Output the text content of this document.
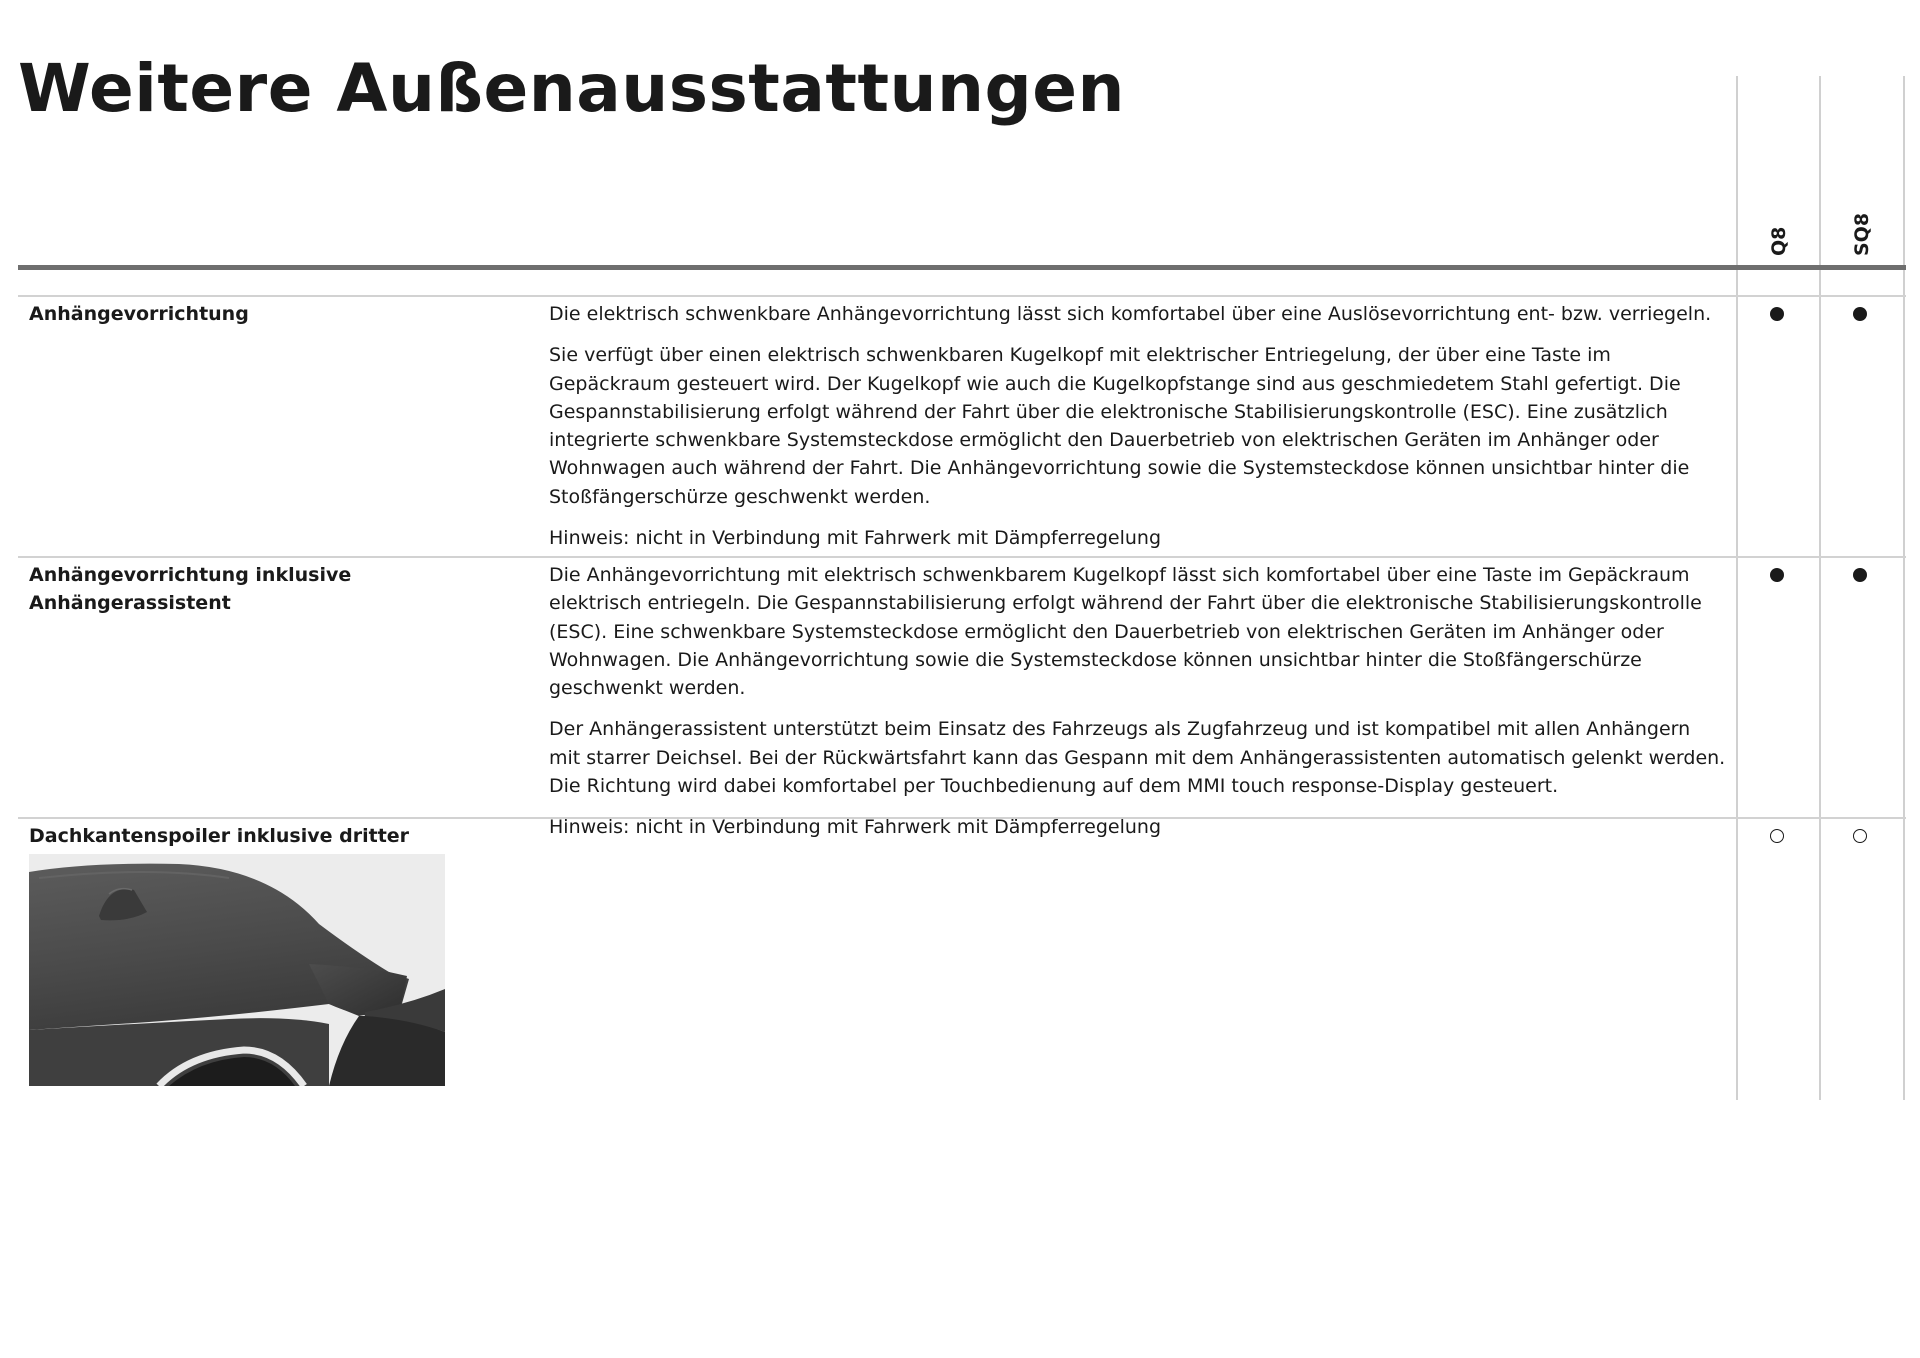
Weitere Außenausstattungen
Q8	SQ8
Anhängevorrichtung	Die elektrisch schwenkbare Anhängevorrichtung lässt sich komfortabel über eine Auslösevorrichtung ent- bzw. verriegeln.

Sie verfügt über einen elektrisch schwenkbaren Kugelkopf mit elektrischer Entriegelung, der über eine Taste im Gepäckraum gesteuert wird. Der Kugelkopf wie auch die Kugelkopfstange sind aus geschmiedetem Stahl gefertigt. Die Gespannstabilisierung erfolgt während der Fahrt über die elektronische Stabilisierungskontrolle (ESC). Eine zusätzlich integrierte schwenkbare Systemsteckdose ermöglicht den Dauerbetrieb von elektrischen Geräten im Anhänger oder Wohnwagen auch während der Fahrt. Die Anhängevorrichtung sowie die Systemsteckdose können unsichtbar hinter die Stoßfängerschürze geschwenkt werden.

Hinweis: nicht in Verbindung mit Fahrwerk mit Dämpferregelung

Anhängevorrichtung inklusive Anhängerassistent

Die Anhängevorrichtung mit elektrisch schwenkbarem Kugelkopf lässt sich komfortabel über eine Taste im Gepäckraum elektrisch entriegeln. Die Gespannstabilisierung erfolgt während der Fahrt über die elektronische Stabilisierungskontrolle (ESC). Eine schwenkbare Systemsteckdose ermöglicht den Dauerbetrieb von elektrischen Geräten im Anhänger oder Wohnwagen. Die Anhängevorrichtung sowie die Systemsteckdose können unsichtbar hinter die Stoßfängerschürze geschwenkt werden.

Der Anhängerassistent unterstützt beim Einsatz des Fahrzeugs als Zugfahrzeug und ist kompatibel mit allen Anhängern mit starrer Deichsel. Bei der Rückwärtsfahrt kann das Gespann mit dem Anhängerassistenten automatisch gelenkt werden. Die Richtung wird dabei komfortabel per Touchbedienung auf dem MMI touch response-Display gesteuert.

Hinweis: nicht in Verbindung mit Fahrwerk mit Dämpferregelung

Dachkantenspoiler inklusive dritter
